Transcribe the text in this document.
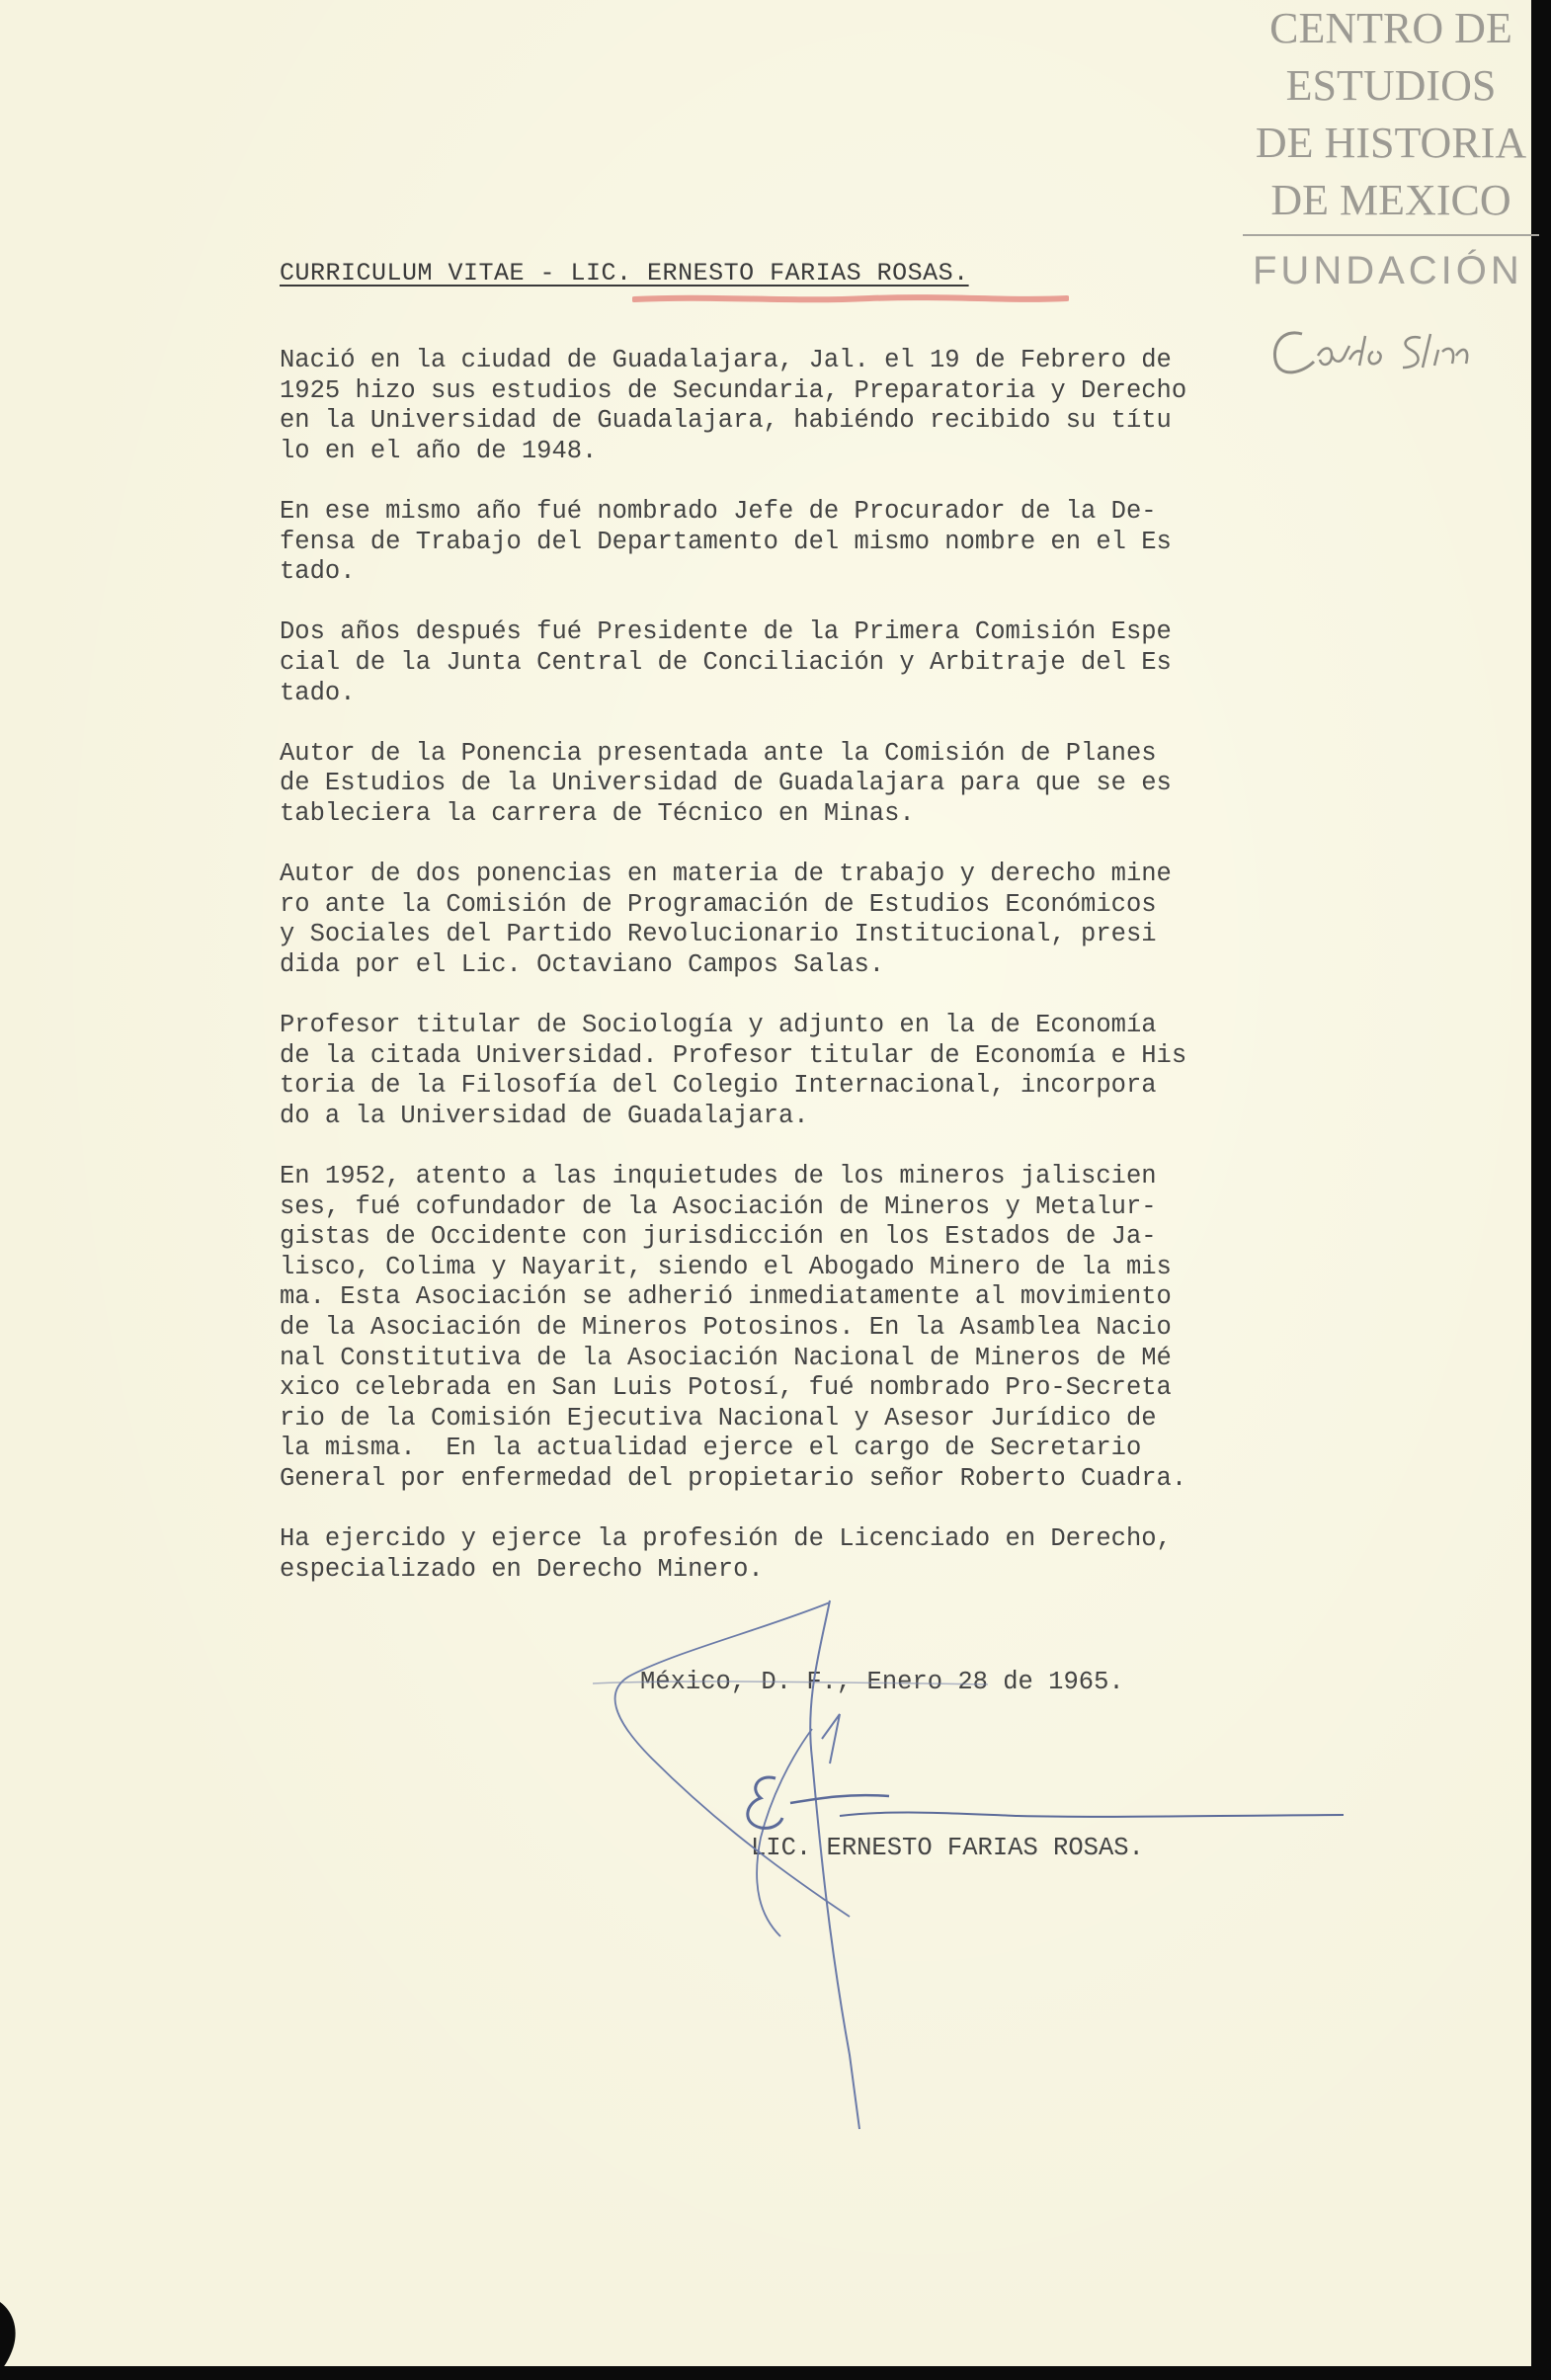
CENTRO DE
ESTUDIOS
DE HISTORIA
DE MEXICO
FUNDACIÓN
CURRICULUM VITAE - LIC. ERNESTO FARIAS ROSAS.

Nació en la ciudad de Guadalajara, Jal. el 19 de Febrero de
1925 hizo sus estudios de Secundaria, Preparatoria y Derecho
en la Universidad de Guadalajara, habiéndo recibido su títu
lo en el año de 1948.

En ese mismo año fué nombrado Jefe de Procurador de la De-
fensa de Trabajo del Departamento del mismo nombre en el Es
tado.

Dos años después fué Presidente de la Primera Comisión Espe
cial de la Junta Central de Conciliación y Arbitraje del Es
tado.

Autor de la Ponencia presentada ante la Comisión de Planes
de Estudios de la Universidad de Guadalajara para que se es
tableciera la carrera de Técnico en Minas.

Autor de dos ponencias en materia de trabajo y derecho mine
ro ante la Comisión de Programación de Estudios Económicos
y Sociales del Partido Revolucionario Institucional, presi
dida por el Lic. Octaviano Campos Salas.

Profesor titular de Sociología y adjunto en la de Economía
de la citada Universidad. Profesor titular de Economía e His
toria de la Filosofía del Colegio Internacional, incorpora
do a la Universidad de Guadalajara.

En 1952, atento a las inquietudes de los mineros jaliscien
ses, fué cofundador de la Asociación de Mineros y Metalur-
gistas de Occidente con jurisdicción en los Estados de Ja-
lisco, Colima y Nayarit, siendo el Abogado Minero de la mis
ma. Esta Asociación se adherió inmediatamente al movimiento
de la Asociación de Mineros Potosinos. En la Asamblea Nacio
nal Constitutiva de la Asociación Nacional de Mineros de Mé
xico celebrada en San Luis Potosí, fué nombrado Pro-Secreta
rio de la Comisión Ejecutiva Nacional y Asesor Jurídico de
la misma.  En la actualidad ejerce el cargo de Secretario
General por enfermedad del propietario señor Roberto Cuadra.

Ha ejercido y ejerce la profesión de Licenciado en Derecho,
especializado en Derecho Minero.

México, D. F., Enero 28 de 1965.
LIC. ERNESTO FARIAS ROSAS.
